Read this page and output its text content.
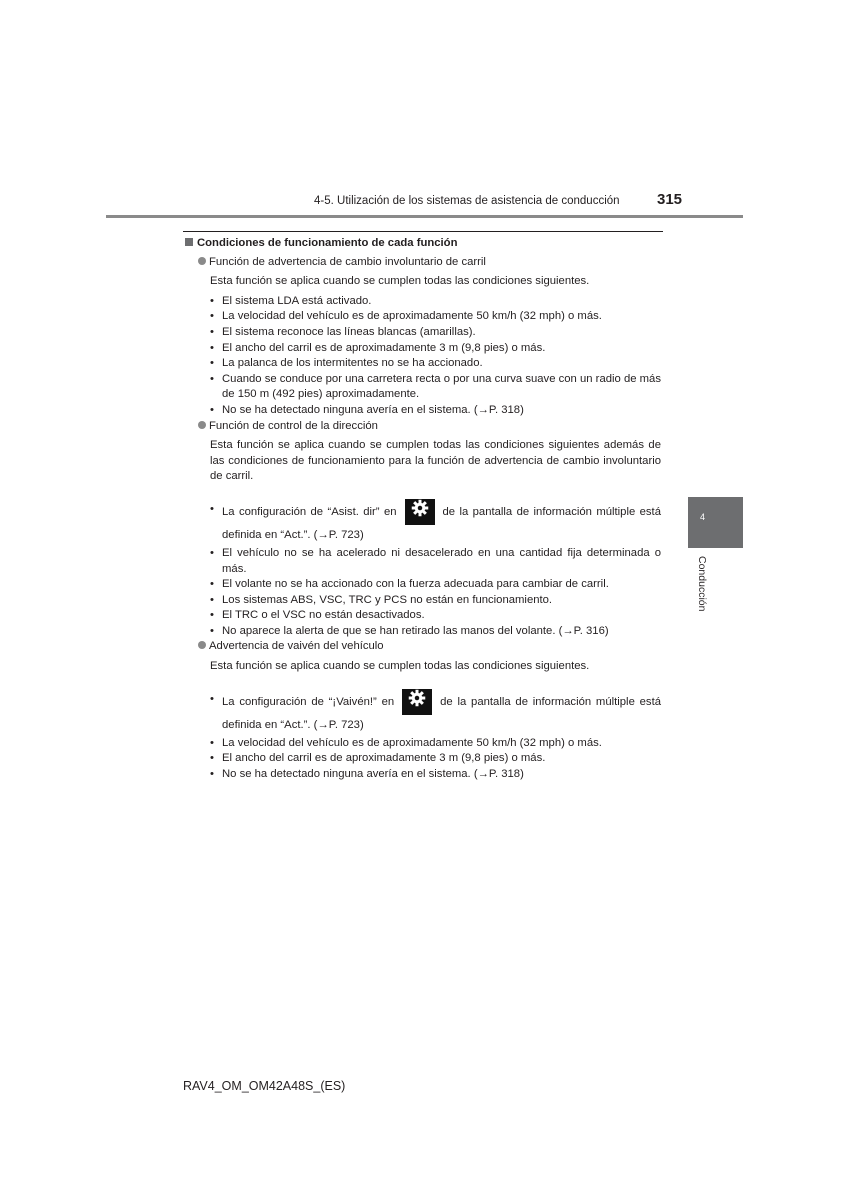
4-5. Utilización de los sistemas de asistencia de conducción 315
4
Conducción
Condiciones de funcionamiento de cada función
Función de advertencia de cambio involuntario de carril
Esta función se aplica cuando se cumplen todas las condiciones siguientes.
• El sistema LDA está activado.
• La velocidad del vehículo es de aproximadamente 50 km/h (32 mph) o más.
• El sistema reconoce las líneas blancas (amarillas).
• El ancho del carril es de aproximadamente 3 m (9,8 pies) o más.
• La palanca de los intermitentes no se ha accionado.
• Cuando se conduce por una carretera recta o por una curva suave con un radio de más de 150 m (492 pies) aproximadamente.
• No se ha detectado ninguna avería en el sistema. (→P. 318)
Función de control de la dirección
Esta función se aplica cuando se cumplen todas las condiciones siguientes además de las condiciones de funcionamiento para la función de advertencia de cambio involuntario de carril.
• La configuración de “Asist. dir” en	de la pantalla de información múltiple está definida en “Act.”. (→P. 723)
• El vehículo no se ha acelerado ni desacelerado en una cantidad fija determinada o más.
• El volante no se ha accionado con la fuerza adecuada para cambiar de carril.
• Los sistemas ABS, VSC, TRC y PCS no están en funcionamiento.
• El TRC o el VSC no están desactivados.
• No aparece la alerta de que se han retirado las manos del volante. (→P. 316)
Advertencia de vaivén del vehículo
Esta función se aplica cuando se cumplen todas las condiciones siguientes.
• La configuración de “¡Vaivén!” en	de la pantalla de información múltiple está definida en “Act.”. (→P. 723)
• La velocidad del vehículo es de aproximadamente 50 km/h (32 mph) o más.
• El ancho del carril es de aproximadamente 3 m (9,8 pies) o más.
• No se ha detectado ninguna avería en el sistema. (→P. 318)
RAV4_OM_OM42A48S_(ES)
